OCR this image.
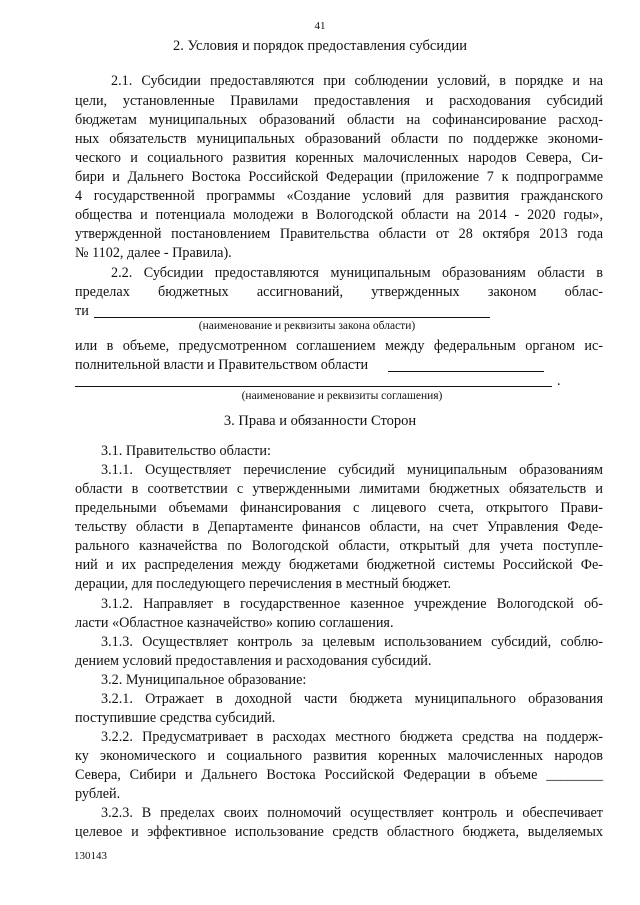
41
2. Условия и порядок предоставления субсидии
2.1. Субсидии предоставляются при соблюдении условий, в порядке и на
цели, установленные Правилами предоставления и расходования субсидий
бюджетам муниципальных образований области на софинансирование расход-
ных обязательств муниципальных образований области по поддержке экономи-
ческого и социального развития коренных малочисленных народов Севера, Си-
бири и Дальнего Востока Российской Федерации (приложение 7 к подпрограмме
4 государственной программы «Создание условий для развития гражданского
общества и потенциала молодежи в Вологодской области на 2014 - 2020 годы»,
утвержденной постановлением Правительства области от 28 октября 2013 года
№ 1102, далее - Правила).
2.2. Субсидии предоставляются муниципальным образованиям области в
пределах бюджетных ассигнований, утвержденных законом облас-
ти
(наименование и реквизиты закона области)
или в объеме, предусмотренном соглашением между федеральным органом ис-
полнительной власти и Правительством области
.
(наименование и реквизиты соглашения)
3. Права и обязанности Сторон
3.1. Правительство области:
3.1.1. Осуществляет перечисление субсидий муниципальным образованиям
области в соответствии с утвержденными лимитами бюджетных обязательств и
предельными объемами финансирования с лицевого счета, открытого Прави-
тельству области в Департаменте финансов области, на счет Управления Феде-
рального казначейства по Вологодской области, открытый для учета поступле-
ний и их распределения между бюджетами бюджетной системы Российской Фе-
дерации, для последующего перечисления в местный бюджет.
3.1.2. Направляет в государственное казенное учреждение Вологодской об-
ласти «Областное казначейство» копию соглашения.
3.1.3. Осуществляет контроль за целевым использованием субсидий, соблю-
дением условий предоставления и расходования субсидий.
3.2. Муниципальное образование:
3.2.1. Отражает в доходной части бюджета муниципального образования
поступившие средства субсидий.
3.2.2. Предусматривает в расходах местного бюджета средства на поддерж-
ку экономического и социального развития коренных малочисленных народов
Севера, Сибири и Дальнего Востока Российской Федерации в объеме ________
рублей.
3.2.3. В пределах своих полномочий осуществляет контроль и обеспечивает
целевое и эффективное использование средств областного бюджета, выделяемых
130143
